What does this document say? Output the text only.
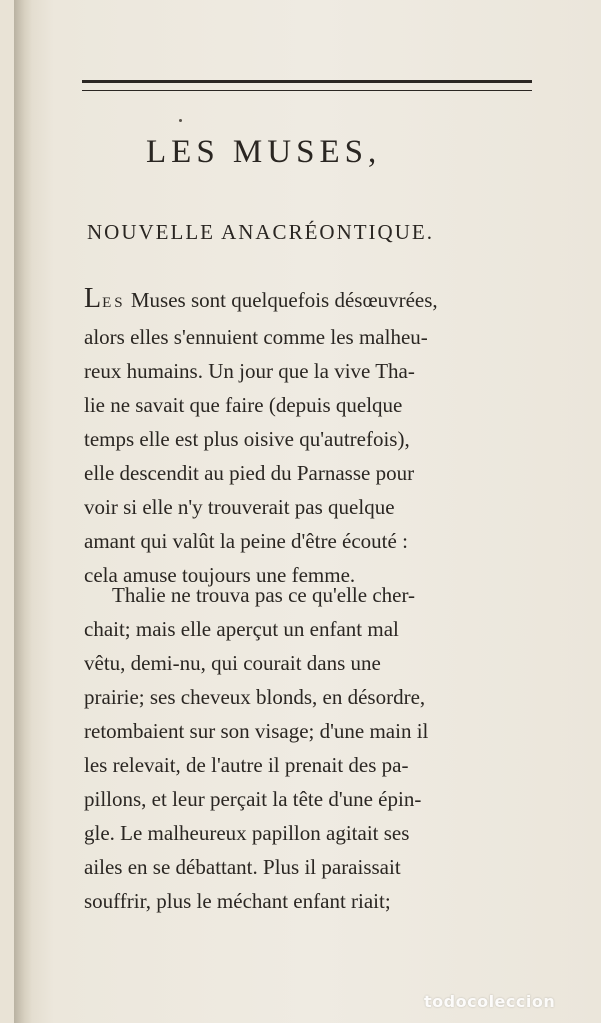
LES MUSES,
NOUVELLE ANACRÉONTIQUE.
LES Muses sont quelquefois désœuvrées,
alors elles s'ennuient comme les malheu-
reux humains. Un jour que la vive Tha-
lie ne savait que faire (depuis quelque
temps elle est plus oisive qu'autrefois),
elle descendit au pied du Parnasse pour
voir si elle n'y trouverait pas quelque
amant qui valût la peine d'être écouté :
cela amuse toujours une femme.
Thalie ne trouva pas ce qu'elle cher-
chait; mais elle aperçut un enfant mal
vêtu, demi-nu, qui courait dans une
prairie; ses cheveux blonds, en désordre,
retombaient sur son visage; d'une main il
les relevait, de l'autre il prenait des pa-
pillons, et leur perçait la tête d'une épin-
gle. Le malheureux papillon agitait ses
ailes en se débattant. Plus il paraissait
souffrir, plus le méchant enfant riait;
todocoleccion
